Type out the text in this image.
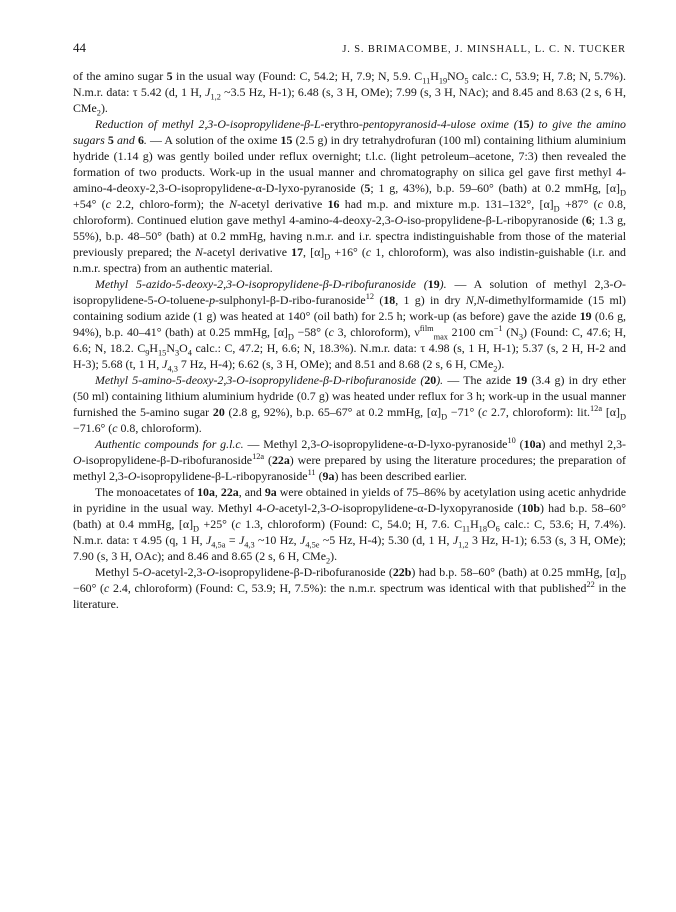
44	J. S. BRIMACOMBE, J. MINSHALL, L. C. N. TUCKER

of the amino sugar 5 in the usual way (Found: C, 54.2; H, 7.9; N, 5.9. $C_{11}H_{19}NO_5$ calc.: C, 53.9; H, 7.8; N, 5.7%). N.m.r. data: τ 5.42 (d, 1 H, $J_{1,2}$ ~3.5 Hz, H-1); 6.48 (s, 3 H, OMe); 7.99 (s, 3 H, NAc); and 8.45 and 8.63 (2 s, 6 H, CMe$_2$).

Reduction of methyl 2,3-O-isopropylidene-β-L-erythro-pentopyranosid-4-ulose oxime (15) to give the amino sugars 5 and 6. — A solution of the oxime 15 (2.5 g) in dry tetrahydrofuran (100 ml) containing lithium aluminium hydride (1.14 g) was gently boiled under reflux overnight; t.l.c. (light petroleum–acetone, 7:3) then revealed the formation of two products. Work-up in the usual manner and chromatography on silica gel gave first methyl 4-amino-4-deoxy-2,3-O-isopropylidene-α-D-lyxo-pyranoside (5; 1 g, 43%), b.p. 59–60° (bath) at 0.2 mmHg, $[\alpha]_D +54^\circ$ (c 2.2, chloro-form); the N-acetyl derivative 16 had m.p. and mixture m.p. 131–132°, $[\alpha]_D +87^\circ$ (c 0.8, chloroform). Continued elution gave methyl 4-amino-4-deoxy-2,3-O-iso-propylidene-β-L-ribopyranoside (6; 1.3 g, 55%), b.p. 48–50° (bath) at 0.2 mmHg, having n.m.r. and i.r. spectra indistinguishable from those of the material previously prepared; the N-acetyl derivative 17, $[\alpha]_D +16^\circ$ (c 1, chloroform), was also indistin-guishable (i.r. and n.m.r. spectra) from an authentic material.

Methyl 5-azido-5-deoxy-2,3-O-isopropylidene-β-D-ribofuranoside (19). — A solution of methyl 2,3-O-isopropylidene-5-O-toluene-p-sulphonyl-β-D-ribo-furanoside$^{12}$ (18, 1 g) in dry N,N-dimethylformamide (15 ml) containing sodium azide (1 g) was heated at 140° (oil bath) for 2.5 h; work-up (as before) gave the azide 19 (0.6 g, 94%), b.p. 40–41° (bath) at 0.25 mmHg, $[\alpha]_D -58^\circ$ (c 3, chloroform), $\nu^{film}_{max}$ 2100 $cm^{-1}$ $(N_3)$ (Found: C, 47.6; H, 6.6; N, 18.2. $C_9H_{15}N_3O_4$ calc.: C, 47.2; H, 6.6; N, 18.3%). N.m.r. data: τ 4.98 (s, 1 H, H-1); 5.37 (s, 2 H, H-2 and H-3); 5.68 (t, 1 H, $J_{4,3}$ 7 Hz, H-4); 6.62 (s, 3 H, OMe); and 8.51 and 8.68 (2 s, 6 H, CMe$_2$).

Methyl 5-amino-5-deoxy-2,3-O-isopropylidene-β-D-ribofuranoside (20). — The azide 19 (3.4 g) in dry ether (50 ml) containing lithium aluminium hydride (0.7 g) was heated under reflux for 3 h; work-up in the usual manner furnished the 5-amino sugar 20 (2.8 g, 92%), b.p. 65–67° at 0.2 mmHg, $[\alpha]_D -71^\circ$ (c 2.7, chloroform): lit.$^{12a}$ $[\alpha]_D -71.6^\circ$ (c 0.8, chloroform).

Authentic compounds for g.l.c. — Methyl 2,3-O-isopropylidene-α-D-lyxo-pyranoside$^{10}$ (10a) and methyl 2,3-O-isopropylidene-β-D-ribofuranoside$^{12a}$ (22a) were prepared by using the literature procedures; the preparation of methyl 2,3-O-isopropylidene-β-L-ribopyranoside$^{11}$ (9a) has been described earlier.

The monoacetates of 10a, 22a, and 9a were obtained in yields of 75–86% by acetylation using acetic anhydride in pyridine in the usual way. Methyl 4-O-acetyl-2,3-O-isopropylidene-α-D-lyxopyranoside (10b) had b.p. 58–60° (bath) at 0.4 mmHg, $[\alpha]_D +25^\circ$ (c 1.3, chloroform) (Found: C, 54.0; H, 7.6. $C_{11}H_{18}O_6$ calc.: C, 53.6; H, 7.4%). N.m.r. data: τ 4.95 (q, 1 H, $J_{4,5a} = J_{4,3}$ ~10 Hz, $J_{4,5e}$ ~5 Hz, H-4); 5.30 (d, 1 H, $J_{1,2}$ 3 Hz, H-1); 6.53 (s, 3 H, OMe); 7.90 (s, 3 H, OAc); and 8.46 and 8.65 (2 s, 6 H, CMe$_2$).

Methyl 5-O-acetyl-2,3-O-isopropylidene-β-D-ribofuranoside (22b) had b.p. 58–60° (bath) at 0.25 mmHg, $[\alpha]_D -60^\circ$ (c 2.4, chloroform) (Found: C, 53.9; H, 7.5%): the n.m.r. spectrum was identical with that published$^{22}$ in the literature.
